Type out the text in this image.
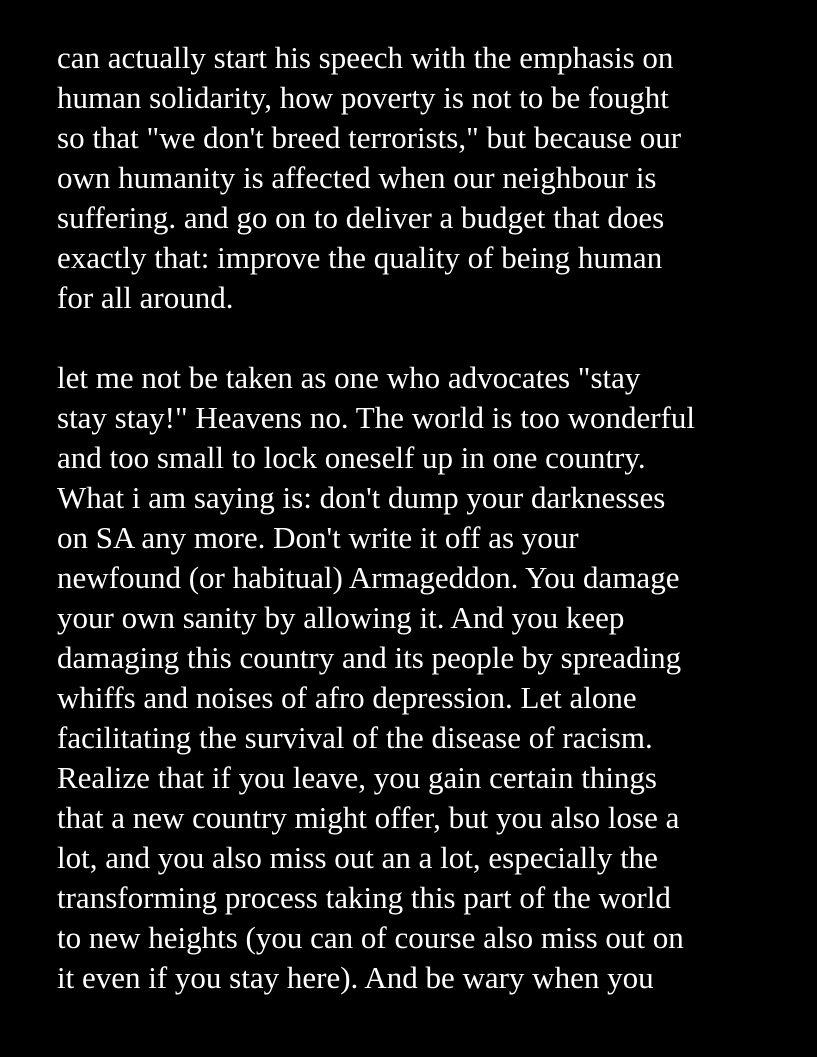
can actually start his speech with the emphasis on
human solidarity, how poverty is not to be fought
so that "we don't breed terrorists," but because our
own humanity is affected when our neighbour is
suffering. and go on to deliver a budget that does
exactly that: improve the quality of being human
for all around.
let me not be taken as one who advocates "stay
stay stay!" Heavens no. The world is too wonderful
and too small to lock oneself up in one country.
What i am saying is: don't dump your darknesses
on SA any more. Don't write it off as your
newfound (or habitual) Armageddon. You damage
your own sanity by allowing it. And you keep
damaging this country and its people by spreading
whiffs and noises of afro depression. Let alone
facilitating the survival of the disease of racism.
Realize that if you leave, you gain certain things
that a new country might offer, but you also lose a
lot, and you also miss out an a lot, especially the
transforming process taking this part of the world
to new heights (you can of course also miss out on
it even if you stay here). And be wary when you
